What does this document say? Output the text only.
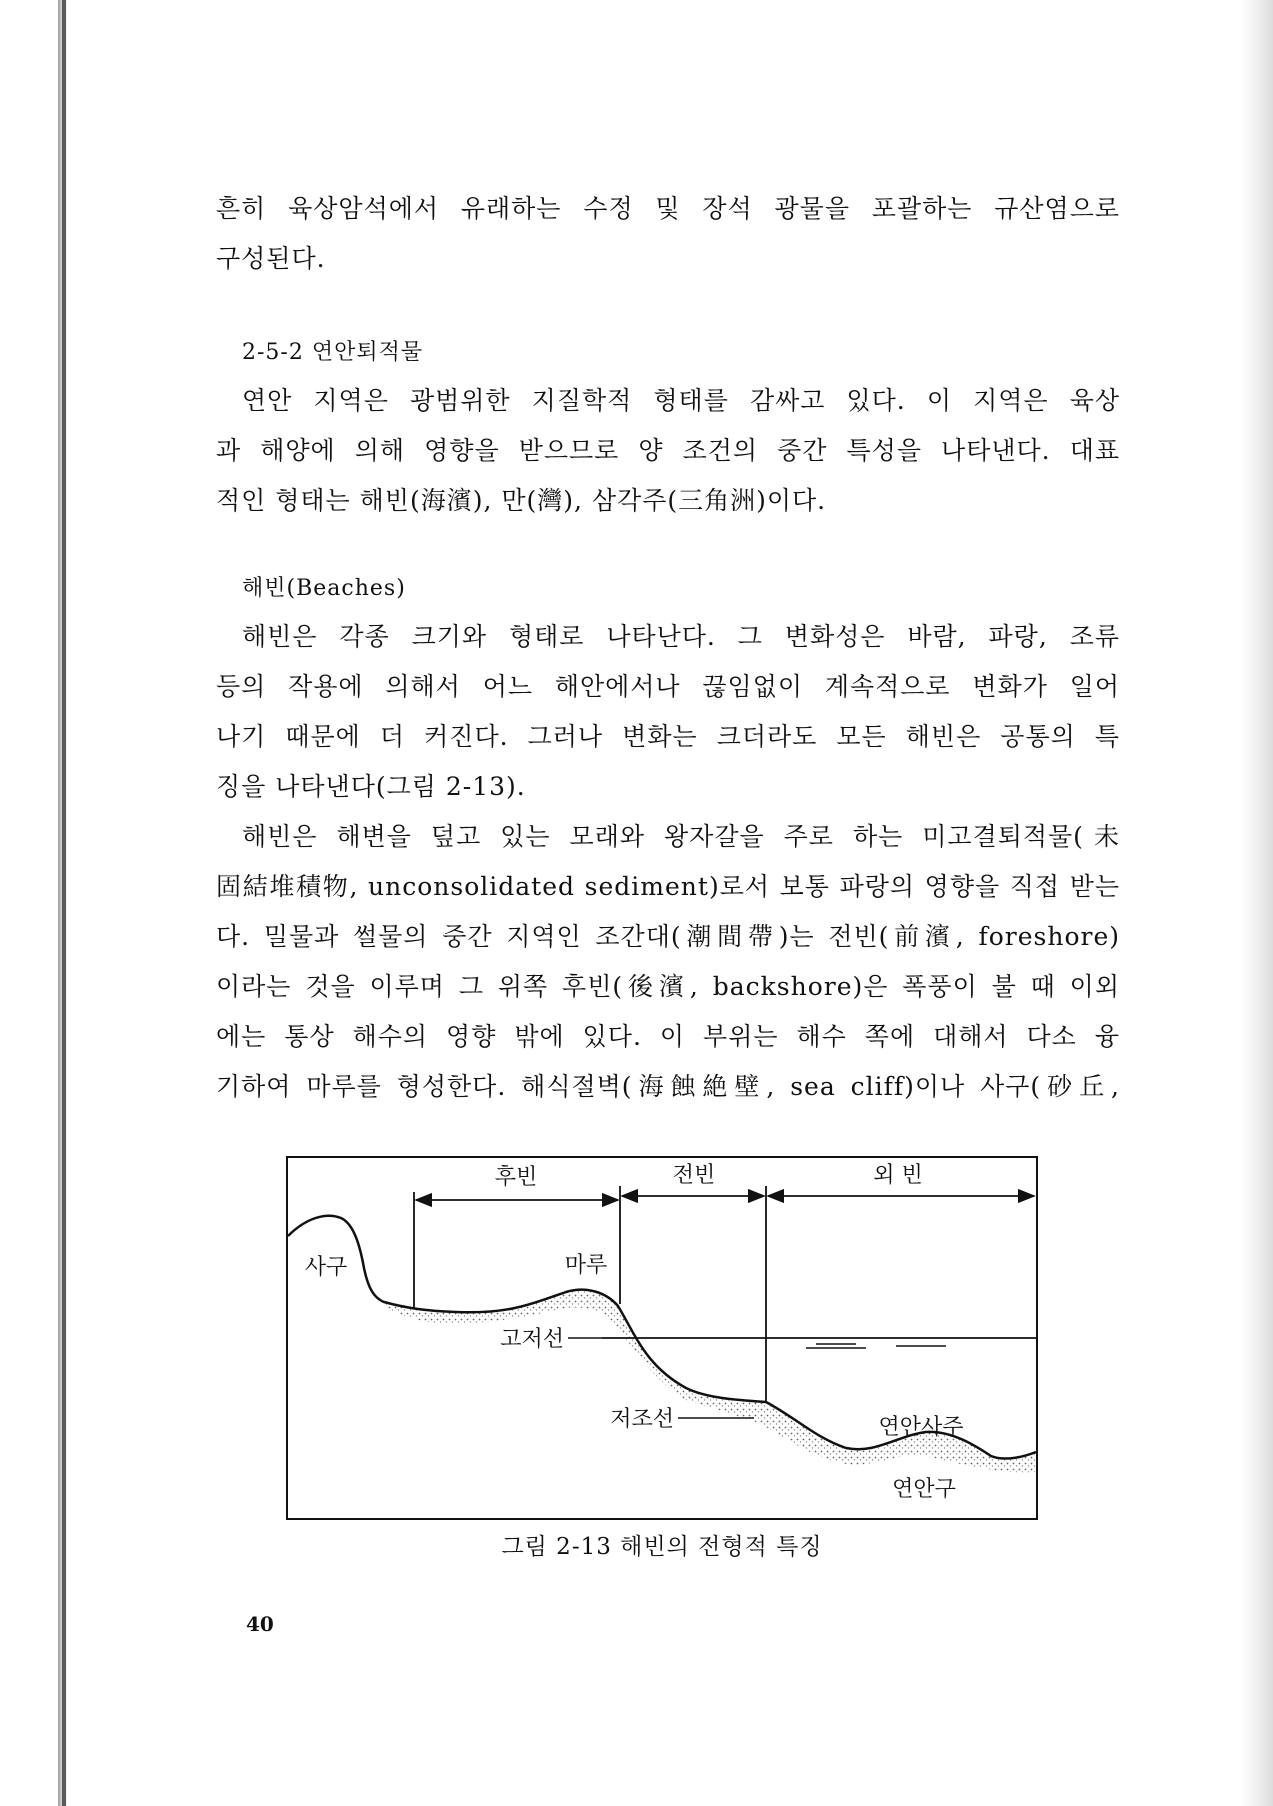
흔히 육상암석에서 유래하는 수정 및 장석 광물을 포괄하는 규산염으로
구성된다.
2-5-2 연안퇴적물
연안 지역은 광범위한 지질학적 형태를 감싸고 있다. 이 지역은 육상
과 해양에 의해 영향을 받으므로 양 조건의 중간 특성을 나타낸다. 대표
적인 형태는 해빈(海濱), 만(灣), 삼각주(三角洲)이다.
해빈(Beaches)
해빈은 각종 크기와 형태로 나타난다. 그 변화성은 바람, 파랑, 조류
등의 작용에 의해서 어느 해안에서나 끊임없이 계속적으로 변화가 일어
나기 때문에 더 커진다. 그러나 변화는 크더라도 모든 해빈은 공통의 특
징을 나타낸다(그림 2-13).
해빈은 해변을 덮고 있는 모래와 왕자갈을 주로 하는 미고결퇴적물(未
固結堆積物, unconsolidated sediment)로서 보통 파랑의 영향을 직접 받는
다. 밀물과 썰물의 중간 지역인 조간대(潮間帶)는 전빈(前濱, foreshore)
이라는 것을 이루며 그 위쪽 후빈(後濱, backshore)은 폭풍이 불 때 이외
에는 통상 해수의 영향 밖에 있다. 이 부위는 해수 쪽에 대해서 다소 융
기하여 마루를 형성한다. 해식절벽(海蝕絶壁, sea cliff)이나 사구(砂丘,
후빈	전빈	외 빈
사구	마루
고저선
저조선	연안사주
연안구
그림 2-13 해빈의 전형적 특징
40
